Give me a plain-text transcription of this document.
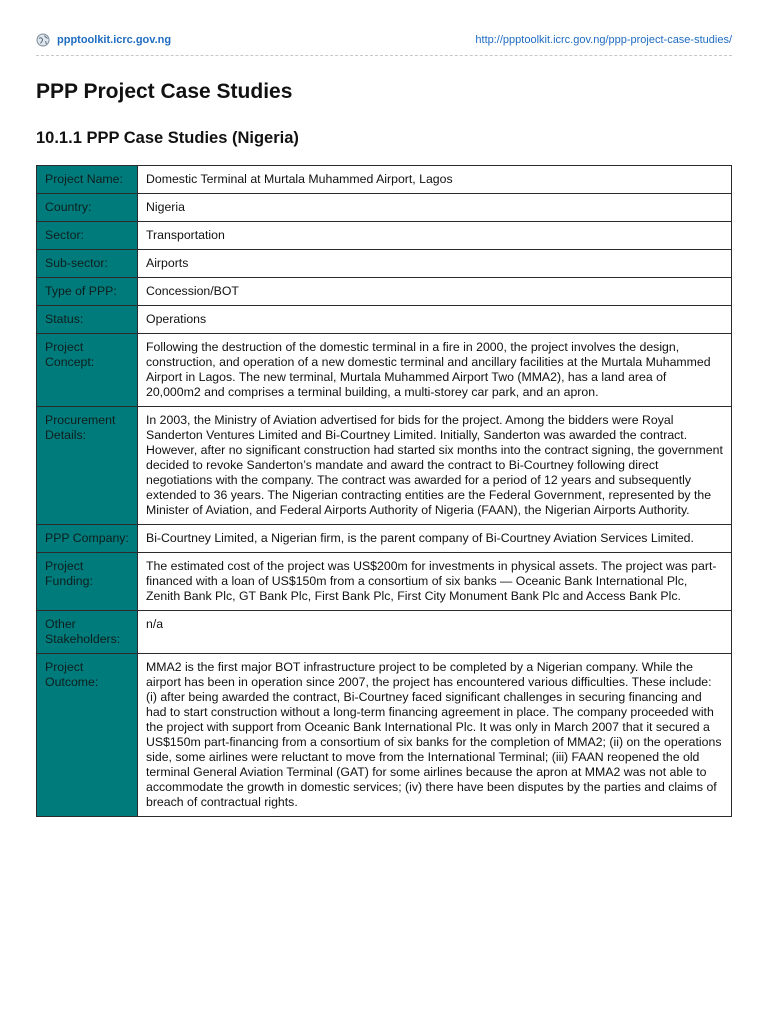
ppptoolkit.icrc.gov.ng	http://ppptoolkit.icrc.gov.ng/ppp-project-case-studies/
PPP Project Case Studies
10.1.1 PPP Case Studies (Nigeria)
Project Name:	Domestic Terminal at Murtala Muhammed Airport, Lagos
Country:	Nigeria
Sector:	Transportation
Sub-sector:	Airports
Type of PPP:	Concession/BOT
Status:	Operations
Project Concept:	Following the destruction of the domestic terminal in a fire in 2000, the project involves the design, construction, and operation of a new domestic terminal and ancillary facilities at the Murtala Muhammed Airport in Lagos. The new terminal, Murtala Muhammed Airport Two (MMA2), has a land area of 20,000m2 and comprises a terminal building, a multi-storey car park, and an apron.
Procurement Details:	In 2003, the Ministry of Aviation advertised for bids for the project. Among the bidders were Royal Sanderton Ventures Limited and Bi-Courtney Limited. Initially, Sanderton was awarded the contract. However, after no significant construction had started six months into the contract signing, the government decided to revoke Sanderton’s mandate and award the contract to Bi-Courtney following direct negotiations with the company. The contract was awarded for a period of 12 years and subsequently extended to 36 years. The Nigerian contracting entities are the Federal Government, represented by the Minister of Aviation, and Federal Airports Authority of Nigeria (FAAN), the Nigerian Airports Authority.
PPP Company:	Bi-Courtney Limited, a Nigerian firm, is the parent company of Bi-Courtney Aviation Services Limited.
Project Funding:	The estimated cost of the project was US$200m for investments in physical assets. The project was part-financed with a loan of US$150m from a consortium of six banks — Oceanic Bank International Plc, Zenith Bank Plc, GT Bank Plc, First Bank Plc, First City Monument Bank Plc and Access Bank Plc.
Other Stakeholders:	n/a
Project Outcome:	MMA2 is the first major BOT infrastructure project to be completed by a Nigerian company. While the airport has been in operation since 2007, the project has encountered various difficulties. These include: (i) after being awarded the contract, Bi-Courtney faced significant challenges in securing financing and had to start construction without a long-term financing agreement in place. The company proceeded with the project with support from Oceanic Bank International Plc. It was only in March 2007 that it secured a US$150m part-financing from a consortium of six banks for the completion of MMA2; (ii) on the operations side, some airlines were reluctant to move from the International Terminal; (iii) FAAN reopened the old terminal General Aviation Terminal (GAT) for some airlines because the apron at MMA2 was not able to accommodate the growth in domestic services; (iv) there have been disputes by the parties and claims of breach of contractual rights.
